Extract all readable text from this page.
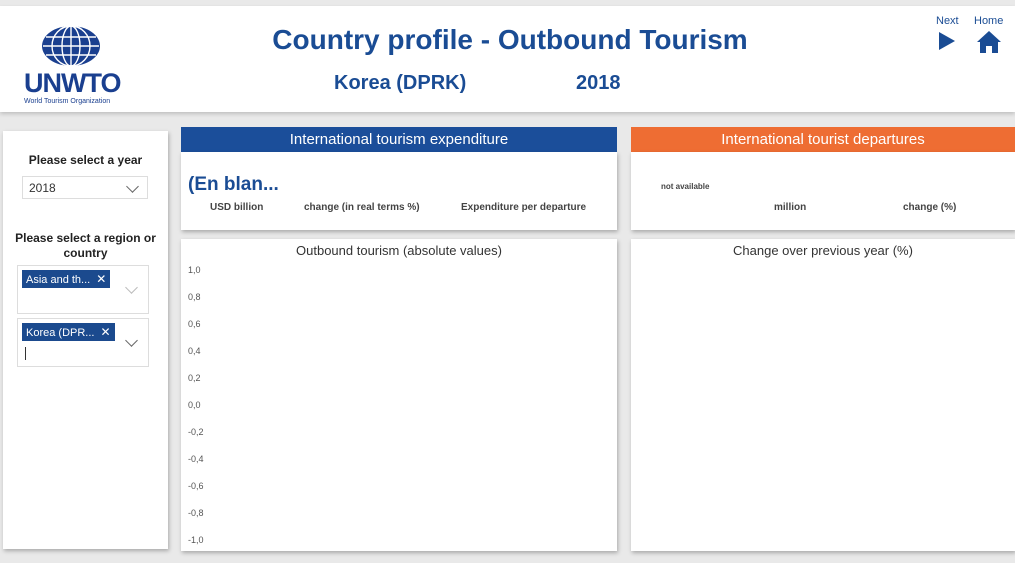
UNWTO
World Tourism Organization
Country profile - Outbound Tourism
Korea (DPRK)	2018
Next Home
Please select a year
2018
Please select a region or country
Asia and th... ✕
Korea (DPR... ✕
International tourism expenditure
(En blan...
USD billion	change (in real terms %)	Expenditure per departure
International tourist departures
not available
million	change (%)
Outbound tourism (absolute values)
1,0
0,8
0,6
0,4
0,2
0,0
-0,2
-0,4
-0,6
-0,8
-1,0
Change over previous year (%)
